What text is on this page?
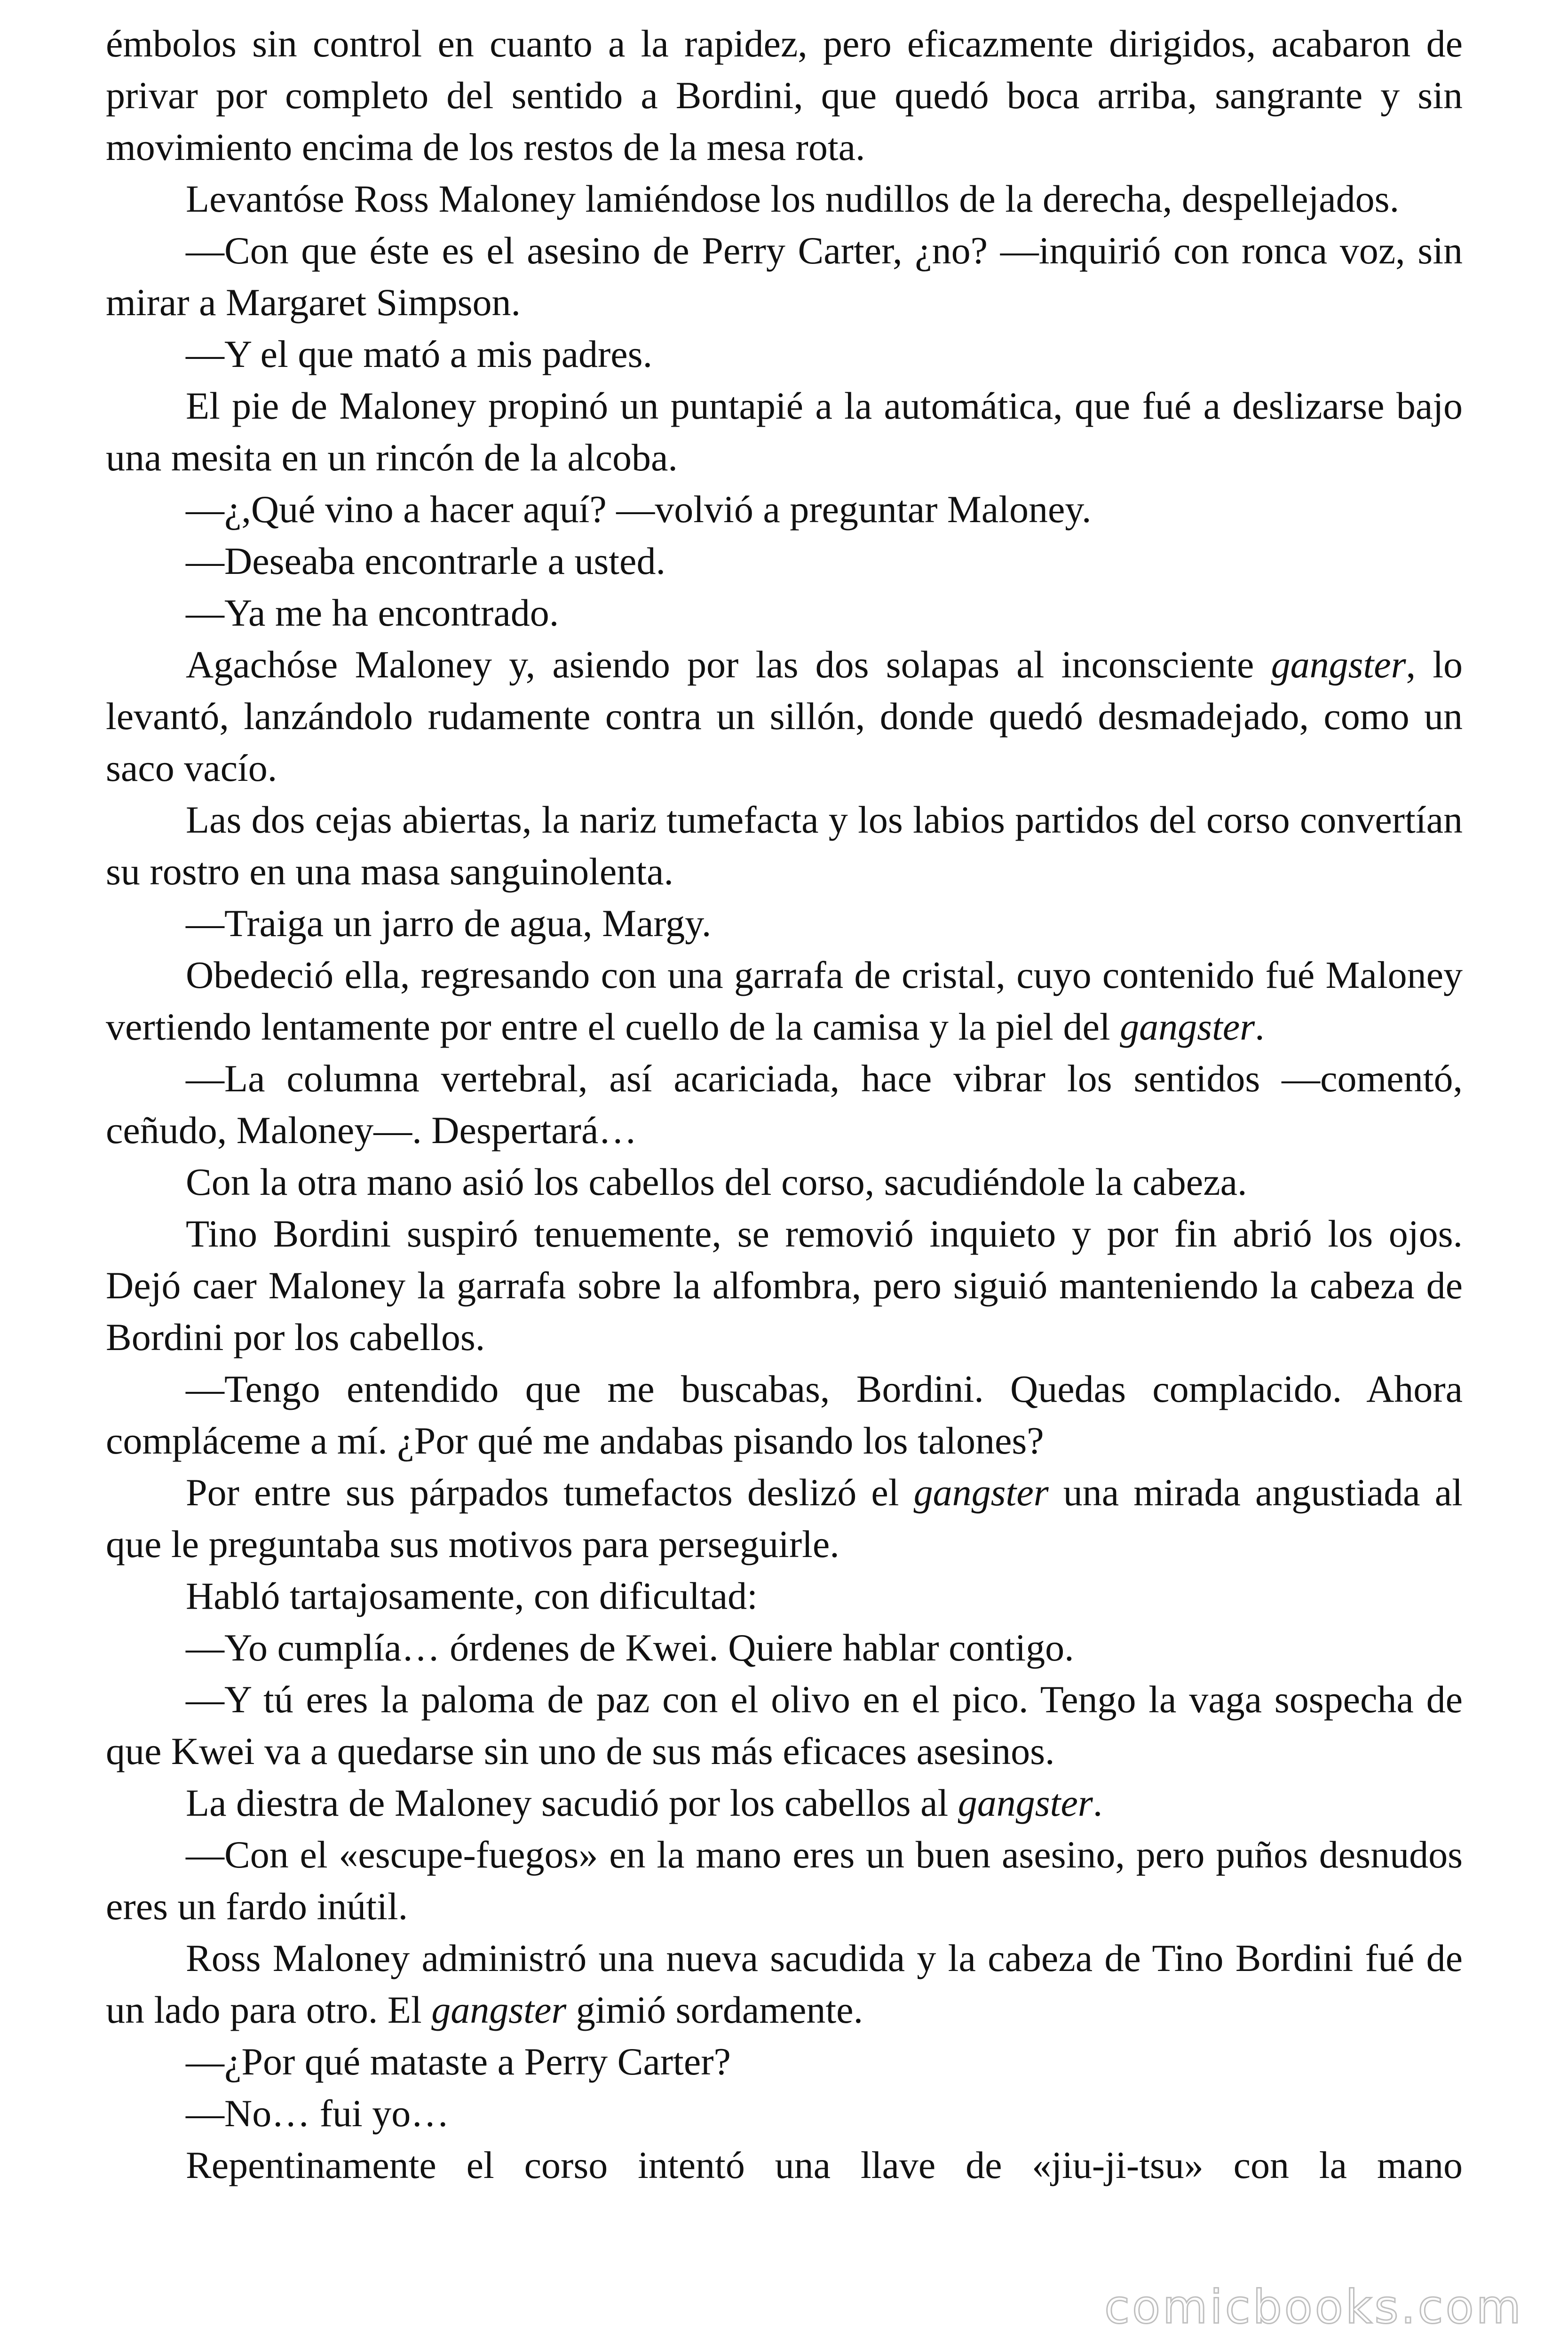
émbolos sin control en cuanto a la rapidez, pero eficazmente dirigidos, acabaron de privar por completo del sentido a Bordini, que quedó boca arriba, sangrante y sin movimiento encima de los restos de la mesa rota.

Levantóse Ross Maloney lamiéndose los nudillos de la derecha, despellejados.

—Con que éste es el asesino de Perry Carter, ¿no? —inquirió con ronca voz, sin mirar a Margaret Simpson.

—Y el que mató a mis padres.

El pie de Maloney propinó un puntapié a la automática, que fué a deslizarse bajo una mesita en un rincón de la alcoba.

—¿,Qué vino a hacer aquí? —volvió a preguntar Maloney.

—Deseaba encontrarle a usted.

—Ya me ha encontrado.

Agachóse Maloney y, asiendo por las dos solapas al inconsciente gangster, lo levantó, lanzándolo rudamente contra un sillón, donde quedó desmadejado, como un saco vacío.

Las dos cejas abiertas, la nariz tumefacta y los labios partidos del corso convertían su rostro en una masa sanguinolenta.

—Traiga un jarro de agua, Margy.

Obedeció ella, regresando con una garrafa de cristal, cuyo contenido fué Maloney vertiendo lentamente por entre el cuello de la camisa y la piel del gangster.

—La columna vertebral, así acariciada, hace vibrar los sentidos —comentó, ceñudo, Maloney—. Despertará…

Con la otra mano asió los cabellos del corso, sacudiéndole la cabeza.

Tino Bordini suspiró tenuemente, se removió inquieto y por fin abrió los ojos. Dejó caer Maloney la garrafa sobre la alfombra, pero siguió manteniendo la cabeza de Bordini por los cabellos.

—Tengo entendido que me buscabas, Bordini. Quedas complacido. Ahora compláceme a mí. ¿Por qué me andabas pisando los talones?

Por entre sus párpados tumefactos deslizó el gangster una mirada angustiada al que le preguntaba sus motivos para perseguirle.

Habló tartajosamente, con dificultad:

—Yo cumplía… órdenes de Kwei. Quiere hablar contigo.

—Y tú eres la paloma de paz con el olivo en el pico. Tengo la vaga sospecha de que Kwei va a quedarse sin uno de sus más eficaces asesinos.

La diestra de Maloney sacudió por los cabellos al gangster.

—Con el «escupe-fuegos» en la mano eres un buen asesino, pero puños desnudos eres un fardo inútil.

Ross Maloney administró una nueva sacudida y la cabeza de Tino Bordini fué de un lado para otro. El gangster gimió sordamente.

—¿Por qué mataste a Perry Carter?

—No… fui yo…

Repentinamente el corso intentó una llave de «jiu-ji-tsu» con la mano

comicbooks.com
